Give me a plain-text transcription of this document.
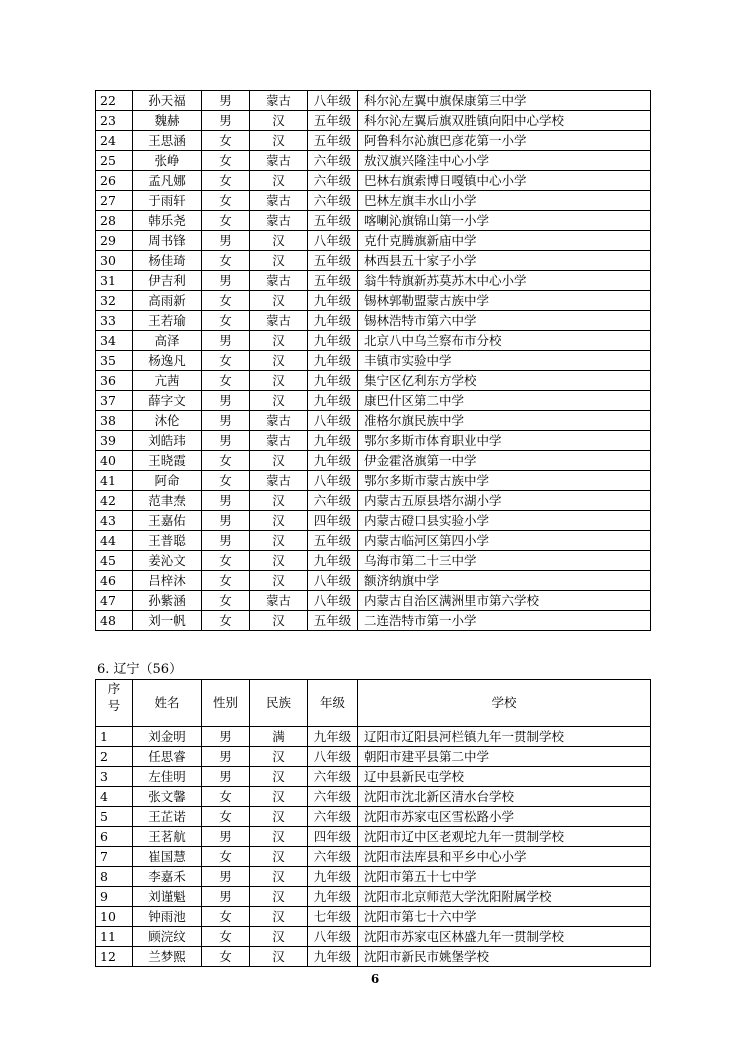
22	孙天福	男	蒙古	八年级	科尔沁左翼中旗保康第三中学
23	魏赫	男	汉	五年级	科尔沁左翼后旗双胜镇向阳中心学校
24	王思涵	女	汉	五年级	阿鲁科尔沁旗巴彦花第一小学
25	张峥	女	蒙古	六年级	敖汉旗兴隆洼中心小学
26	孟凡娜	女	汉	六年级	巴林右旗索博日嘎镇中心小学
27	于雨轩	女	蒙古	六年级	巴林左旗丰水山小学
28	韩乐尧	女	蒙古	五年级	喀喇沁旗锦山第一小学
29	周书锋	男	汉	八年级	克什克腾旗新庙中学
30	杨佳琦	女	汉	五年级	林西县五十家子小学
31	伊吉利	男	蒙古	五年级	翁牛特旗新苏莫苏木中心小学
32	高雨新	女	汉	九年级	锡林郭勒盟蒙古族中学
33	王若瑜	女	蒙古	九年级	锡林浩特市第六中学
34	高泽	男	汉	九年级	北京八中乌兰察布市分校
35	杨逸凡	女	汉	九年级	丰镇市实验中学
36	亢茜	女	汉	九年级	集宁区亿利东方学校
37	薛字文	男	汉	九年级	康巴什区第二中学
38	沐伦	男	蒙古	八年级	准格尔旗民族中学
39	刘皓玮	男	蒙古	九年级	鄂尔多斯市体育职业中学
40	王晓霞	女	汉	九年级	伊金霍洛旗第一中学
41	阿命	女	蒙古	八年级	鄂尔多斯市蒙古族中学
42	范聿焘	男	汉	六年级	内蒙古五原县塔尔湖小学
43	王嘉佑	男	汉	四年级	内蒙古磴口县实验小学
44	王普聪	男	汉	五年级	内蒙古临河区第四小学
45	姜沁文	女	汉	九年级	乌海市第二十三中学
46	吕梓沐	女	汉	八年级	额济纳旗中学
47	孙紫涵	女	蒙古	八年级	内蒙古自治区满洲里市第六学校
48	刘一帆	女	汉	五年级	二连浩特市第一小学
6. 辽宁（56）
序号	姓名	性别	民族	年级	学校
1	刘金明	男	满	九年级	辽阳市辽阳县河栏镇九年一贯制学校
2	任思睿	男	汉	八年级	朝阳市建平县第二中学
3	左佳明	男	汉	六年级	辽中县新民屯学校
4	张文馨	女	汉	六年级	沈阳市沈北新区清水台学校
5	王芷诺	女	汉	六年级	沈阳市苏家屯区雪松路小学
6	王茗航	男	汉	四年级	沈阳市辽中区老观坨九年一贯制学校
7	崔国慧	女	汉	六年级	沈阳市法库县和平乡中心小学
8	李嘉禾	男	汉	九年级	沈阳市第五十七中学
9	刘谨魁	男	汉	九年级	沈阳市北京师范大学沈阳附属学校
10	钟雨池	女	汉	七年级	沈阳市第七十六中学
11	顾浣纹	女	汉	八年级	沈阳市苏家屯区林盛九年一贯制学校
12	兰梦熙	女	汉	九年级	沈阳市新民市姚堡学校
6
